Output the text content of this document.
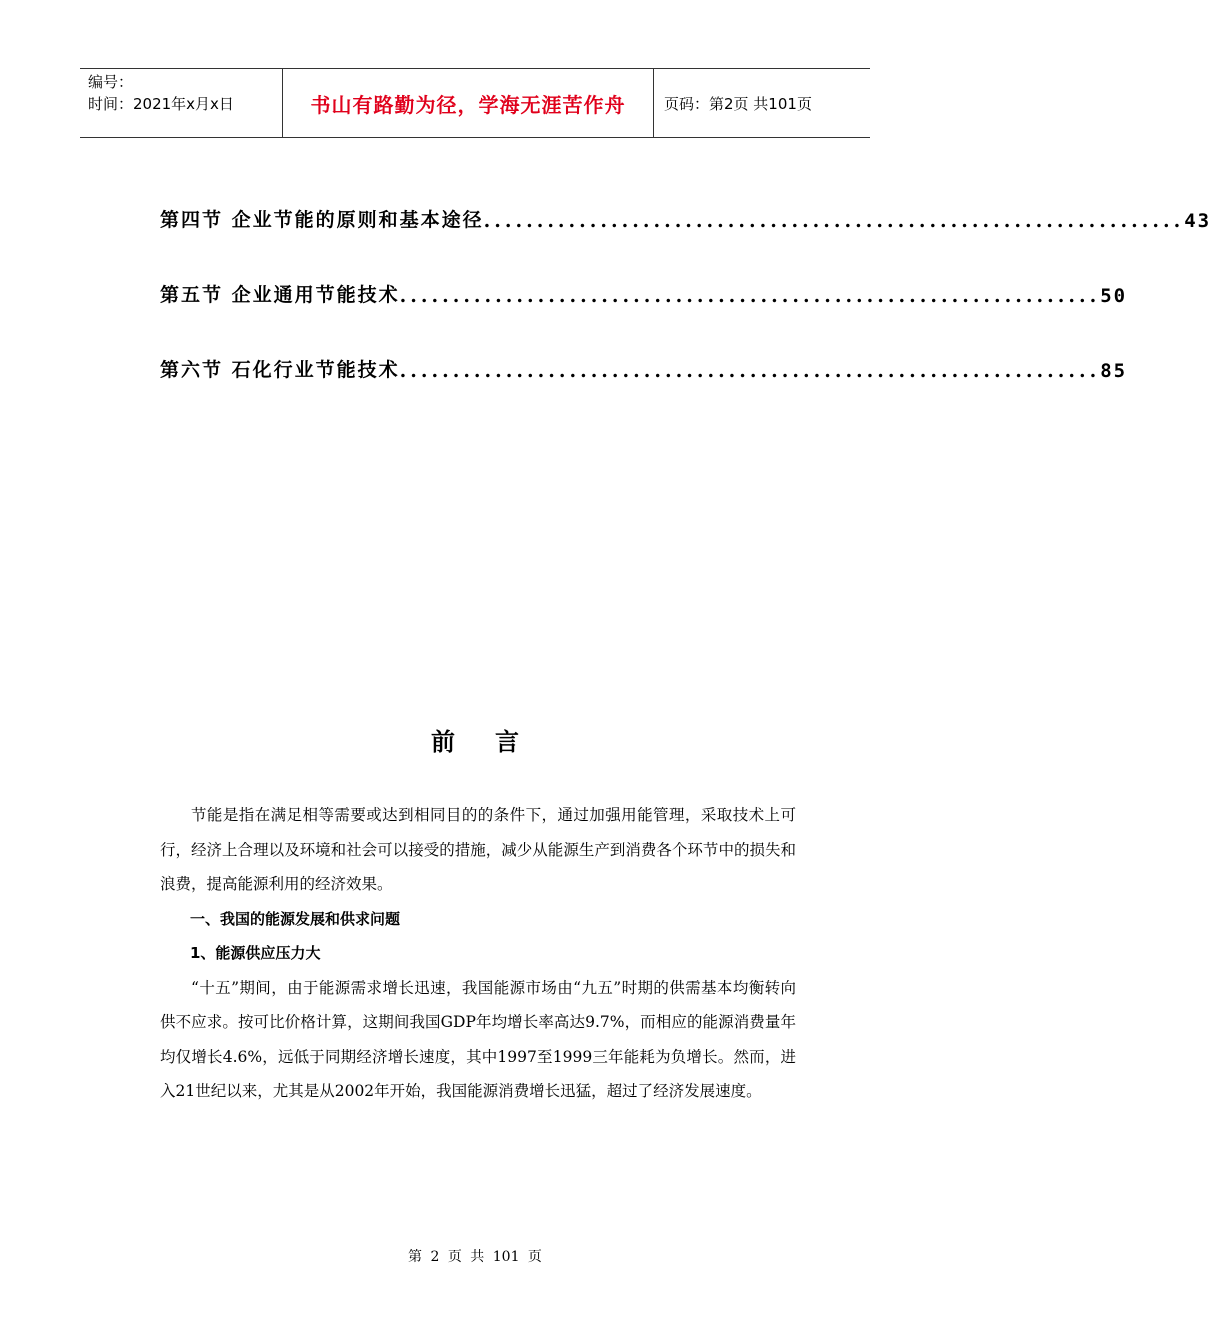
编号：
时间：2021年x月x日	书山有路勤为径，学海无涯苦作舟	页码：第2页 共101页
第四节 企业节能的原则和基本途径 .................................................................. 43
第五节 企业通用节能技术 .................................................................. 50
第六节 石化行业节能技术 .................................................................. 85
前言

节能是指在满足相等需要或达到相同目的的条件下，通过加强用能管理，采取技术上可行，经济上合理以及环境和社会可以接受的措施，减少从能源生产到消费各个环节中的损失和浪费，提高能源利用的经济效果。

一、我国的能源发展和供求问题

1、能源供应压力大

“十五”期间，由于能源需求增长迅速，我国能源市场由“九五”时期的供需基本均衡转向供不应求。按可比价格计算，这期间我国GDP年均增长率高达9.7%，而相应的能源消费量年均仅增长4.6%，远低于同期经济增长速度，其中1997至1999三年能耗为负增长。然而，进入21世纪以来，尤其是从2002年开始，我国能源消费增长迅猛，超过了经济发展速度。

第 2 页 共 101 页
